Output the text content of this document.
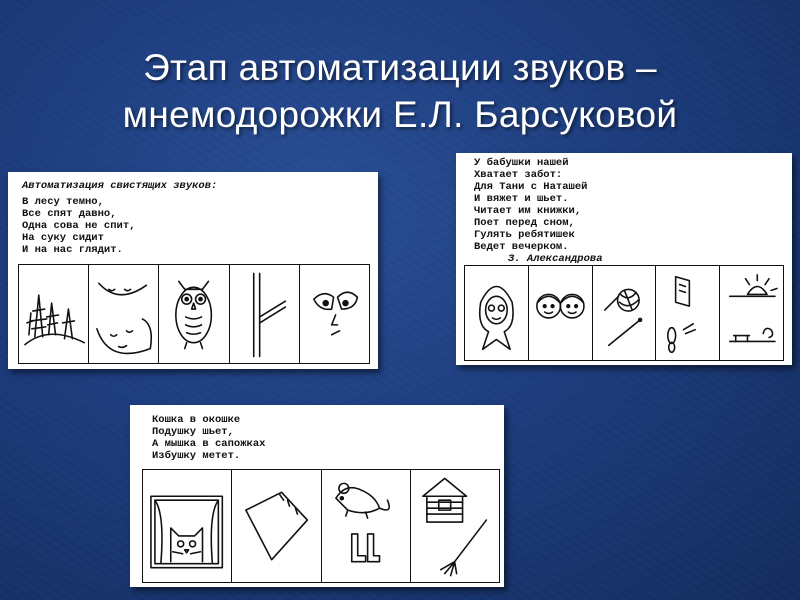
Этап автоматизации звуков –
мнемодорожки Е.Л. Барсуковой
Автоматизация свистящих звуков:
В лесу темно,
Все спят давно,
Одна сова не спит,
На суку сидит
И на нас глядит.
У бабушки нашей
Хватает забот:
Для Тани с Наташей
И вяжет и шьет.
Читает им книжки,
Поет перед сном,
Гулять ребятишек
Ведет вечерком.
З. Александрова
Кошка в окошке
Подушку шьет,
А мышка в сапожках
Избушку метет.
